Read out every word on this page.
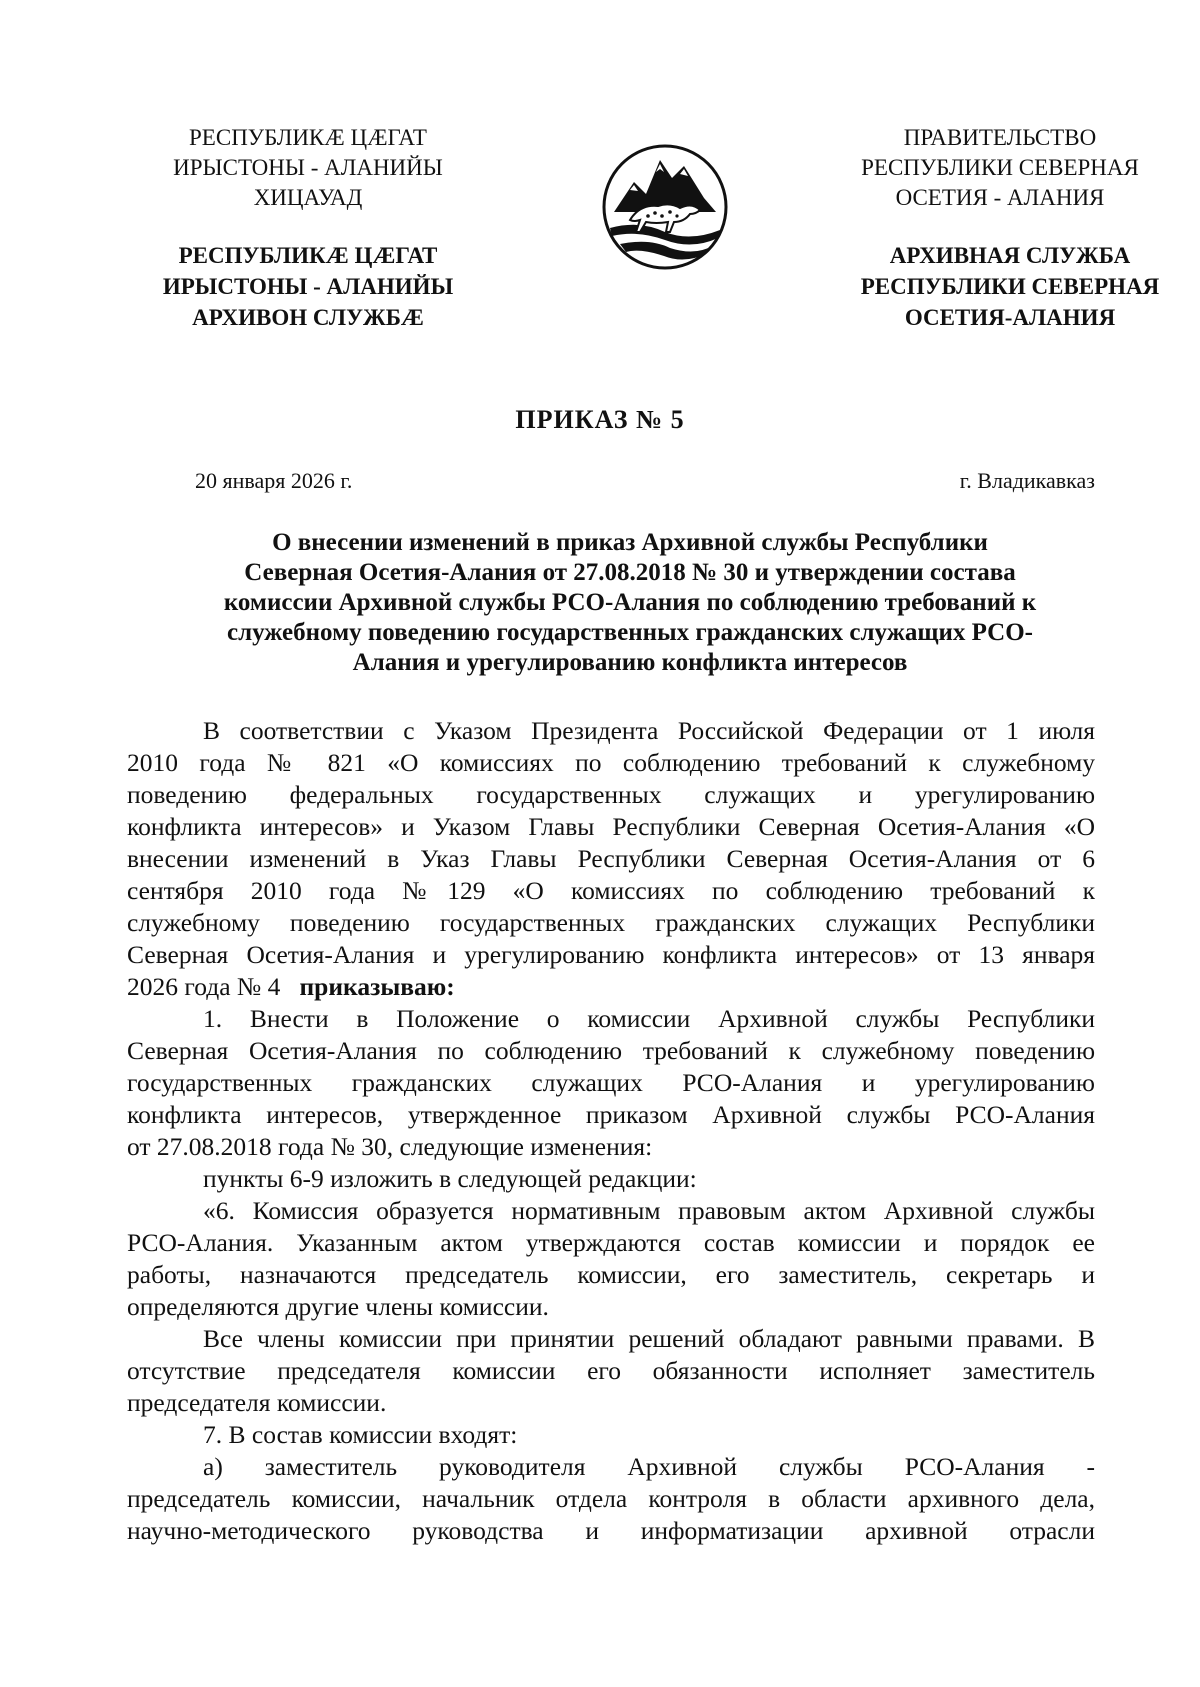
РЕСПУБЛИКӔ ЦӔГАТ
ИРЫСТОНЫ - АЛАНИЙЫ
ХИЦАУАД
РЕСПУБЛИКӔ ЦӔГАТ
ИРЫСТОНЫ - АЛАНИЙЫ
АРХИВОН СЛУЖБӔ
ПРАВИТЕЛЬСТВО
РЕСПУБЛИКИ СЕВЕРНАЯ
ОСЕТИЯ - АЛАНИЯ
АРХИВНАЯ СЛУЖБА
РЕСПУБЛИКИ СЕВЕРНАЯ
ОСЕТИЯ-АЛАНИЯ
ПРИКАЗ № 5
20 января 2026 г.	г. Владикавказ
О внесении изменений в приказ Архивной службы Республики
Северная Осетия-Алания от 27.08.2018 № 30 и утверждении состава
комиссии Архивной службы РСО-Алания по соблюдению требований к
служебному поведению государственных гражданских служащих РСО-
Алания и урегулированию конфликта интересов
В соответствии с Указом Президента Российской Федерации от 1 июля
2010 года № 821 «О комиссиях по соблюдению требований к служебному
поведению федеральных государственных служащих и урегулированию
конфликта интересов» и Указом Главы Республики Северная Осетия-Алания «О
внесении изменений в Указ Главы Республики Северная Осетия-Алания от 6
сентября 2010 года №129 «О комиссиях по соблюдению требований к
служебному поведению государственных гражданских служащих Республики
Северная Осетия-Алания и урегулированию конфликта интересов» от 13 января
2026 года № 4 приказываю:
1. Внести в Положение о комиссии Архивной службы Республики
Северная Осетия-Алания по соблюдению требований к служебному поведению
государственных гражданских служащих РСО-Алания и урегулированию
конфликта интересов, утвержденное приказом Архивной службы РСО-Алания
от 27.08.2018 года № 30, следующие изменения:
пункты 6-9 изложить в следующей редакции:
«6. Комиссия образуется нормативным правовым актом Архивной службы
РСО-Алания. Указанным актом утверждаются состав комиссии и порядок ее
работы, назначаются председатель комиссии, его заместитель, секретарь и
определяются другие члены комиссии.
Все члены комиссии при принятии решений обладают равными правами. В
отсутствие председателя комиссии его обязанности исполняет заместитель
председателя комиссии.
7. В состав комиссии входят:
а) заместитель руководителя Архивной службы РСО-Алания -
председатель комиссии, начальник отдела контроля в области архивного дела,
научно-методического руководства и информатизации архивной отрасли
